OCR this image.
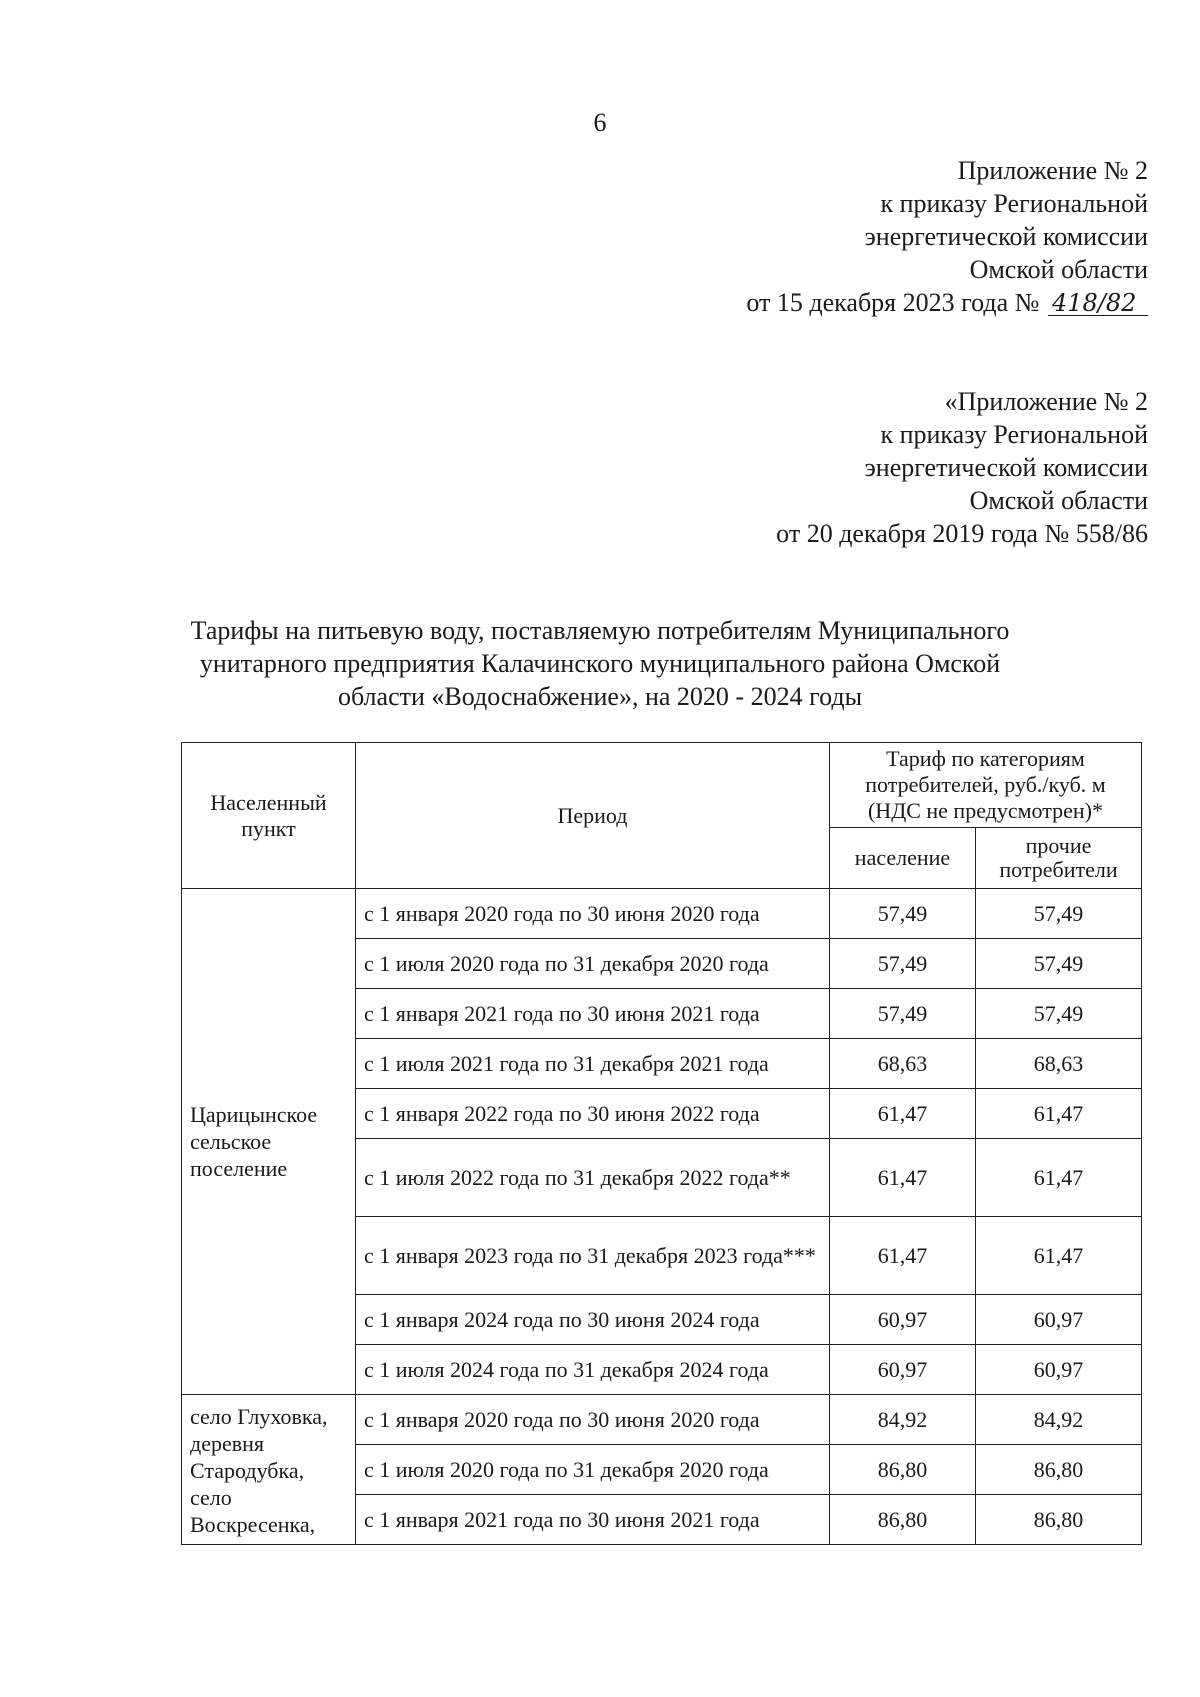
6
Приложение № 2
к приказу Региональной
энергетической комиссии
Омской области
от 15 декабря 2023 года № 418/82
«Приложение № 2
к приказу Региональной
энергетической комиссии
Омской области
от 20 декабря 2019 года № 558/86
Тарифы на питьевую воду, поставляемую потребителям Муниципального
унитарного предприятия Калачинского муниципального района Омской
области «Водоснабжение», на 2020 - 2024 годы
Населенный пункт	Период	Тариф по категориям потребителей, руб./куб. м (НДС не предусмотрен)*	
		население	прочие потребители
Царицынское сельское поселение	с 1 января 2020 года по 30 июня 2020 года	57,49	57,49
	с 1 июля 2020 года по 31 декабря 2020 года	57,49	57,49
	с 1 января 2021 года по 30 июня 2021 года	57,49	57,49
	с 1 июля 2021 года по 31 декабря 2021 года	68,63	68,63
	с 1 января 2022 года по 30 июня 2022 года	61,47	61,47
	с 1 июля 2022 года по 31 декабря 2022 года**	61,47	61,47
	с 1 января 2023 года по 31 декабря 2023 года***	61,47	61,47
	с 1 января 2024 года по 30 июня 2024 года	60,97	60,97
	с 1 июля 2024 года по 31 декабря 2024 года	60,97	60,97
село Глуховка, деревня Стародубка, село Воскресенка,	с 1 января 2020 года по 30 июня 2020 года	84,92	84,92
	с 1 июля 2020 года по 31 декабря 2020 года	86,80	86,80
	с 1 января 2021 года по 30 июня 2021 года	86,80	86,80
